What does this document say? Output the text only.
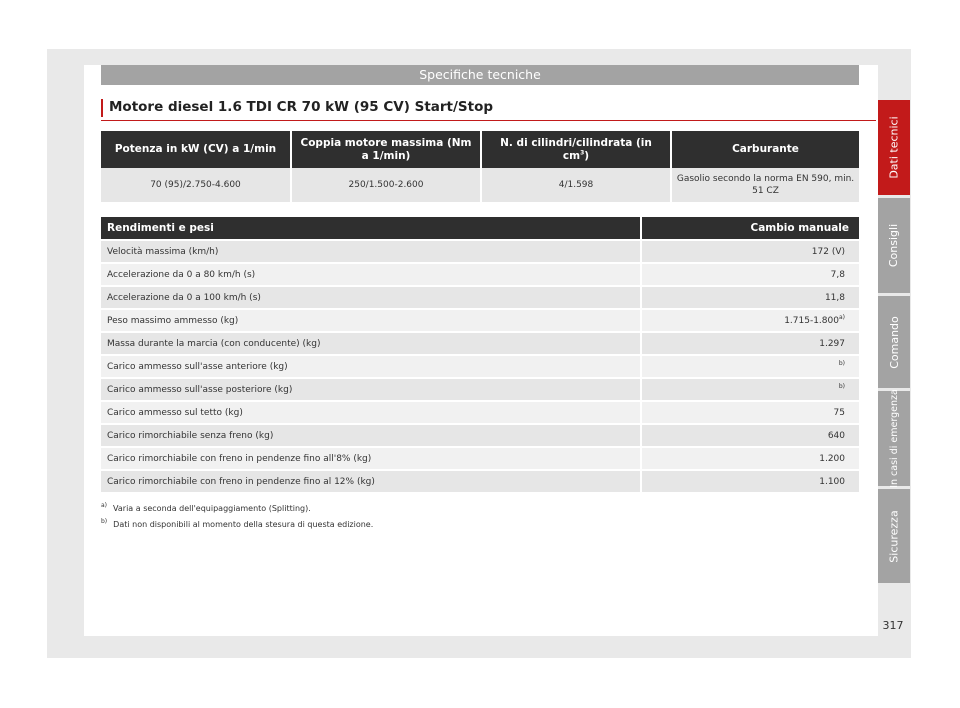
Specifiche tecniche
Motore diesel 1.6 TDI CR 70 kW (95 CV) Start/Stop
Potenza in kW (CV) a 1/min	Coppia motore massima (Nm a 1/min)	N. di cilindri/cilindrata (in $cm^3$)	Carburante
70 (95)/2.750-4.600	250/1.500-2.600	4/1.598	Gasolio secondo la norma EN 590, min. 51 CZ
Rendimenti e pesi	Cambio manuale
Velocità massima (km/h)	172 (V)
Accelerazione da 0 a 80 km/h (s)	7,8
Accelerazione da 0 a 100 km/h (s)	11,8
Peso massimo ammesso (kg)	1.715-1.800$^{a)}$
Massa durante la marcia (con conducente) (kg)	1.297
Carico ammesso sull'asse anteriore (kg)	$^{b)}$
Carico ammesso sull'asse posteriore (kg)	$^{b)}$
Carico ammesso sul tetto (kg)	75
Carico rimorchiabile senza freno (kg)	640
Carico rimorchiabile con freno in pendenze fino all'8% (kg)	1.200
Carico rimorchiabile con freno in pendenze fino al 12% (kg)	1.100
$^{a)}$ Varia a seconda dell'equipaggiamento (Splitting).
$^{b)}$ Dati non disponibili al momento della stesura di questa edizione.
Dati tecnici
Consigli
Comando
In casi di emergenza
Sicurezza
317
